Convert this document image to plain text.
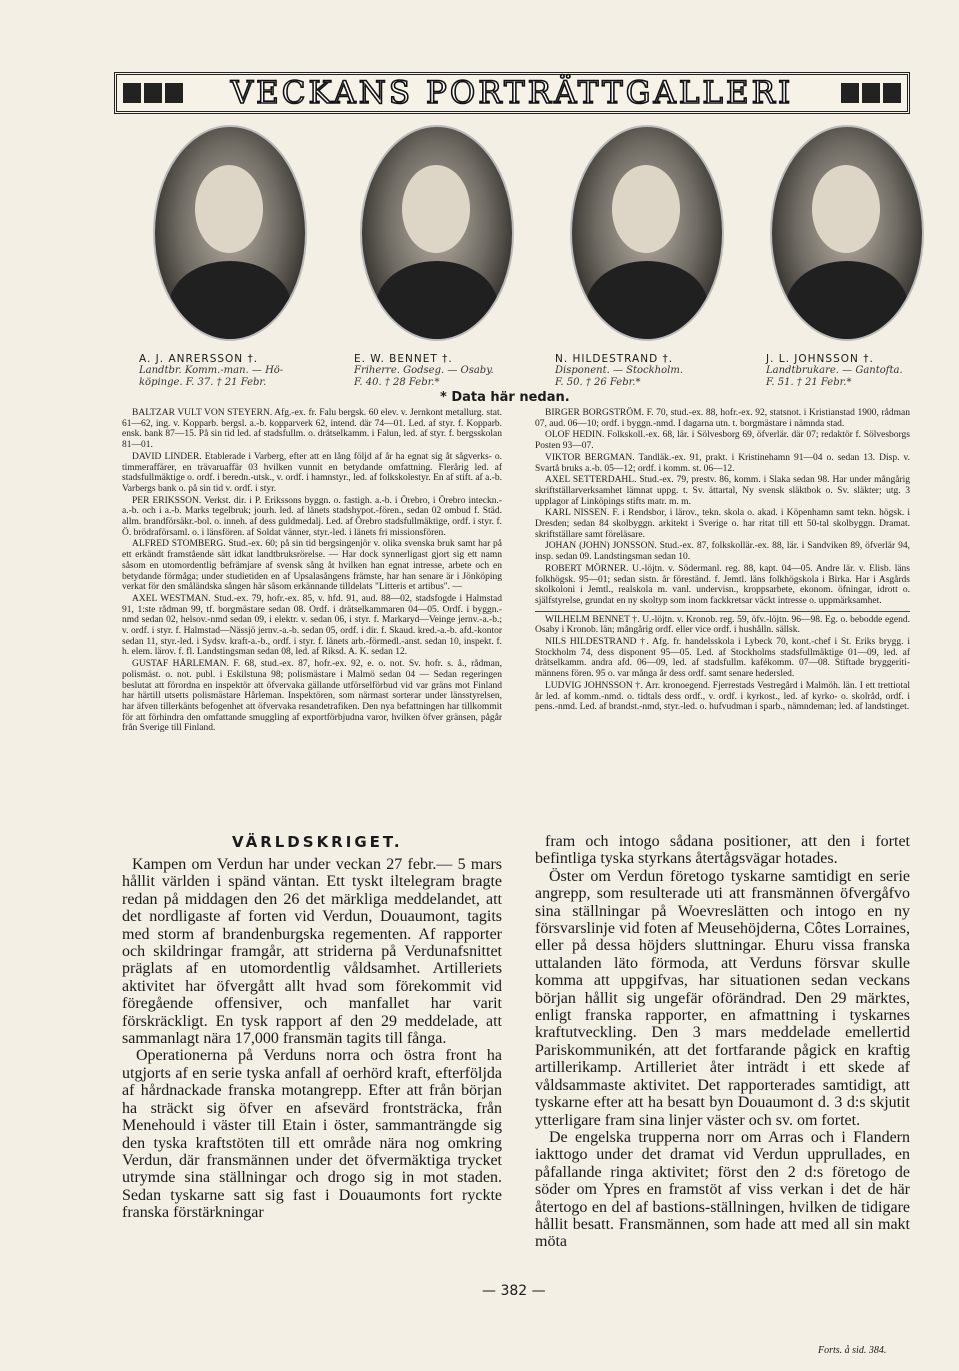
VECKANS PORTRÄTTGALLERI
A. J. ANRERSSON †.
Landtbr. Komm.-man. — Hö-
köpinge. F. 37. † 21 Febr.
E. W. BENNET †.
Friherre. Godseg. — Osaby.
F. 40. † 28 Febr.*
N. HILDESTRAND †.
Disponent. — Stockholm.
F. 50. † 26 Febr.*
J. L. JOHNSSON †.
Landtbrukare. — Gantofta.
F. 51. † 21 Febr.*
* Data här nedan.

BALTZAR VULT VON STEYERN. Afg.-ex. fr. Falu bergsk. 60 elev. v. Jernkont metallurg. stat. 61—62, ing. v. Kopparb. bergsl. a.-b. kopparverk 62, intend. där 74—01. Led. af styr. f. Kopparb. ensk. bank 87—15. På sin tid led. af stadsfullm. o. drätselkamm. i Falun, led. af styr. f. bergsskolan 81—01.

DAVID LINDER. Etablerade i Varberg, efter att en lång följd af år ha egnat sig åt sågverks- o. timmeraffärer, en trävaruaffär 03 hvilken vunnit en betydande omfattning. Flerårig led. af stadsfullmäktige o. ordf. i beredn.-utsk., v. ordf. i hamnstyr., led. af folkskolestyr. En af stift. af a.-b. Varbergs bank o. på sin tid v. ordf. i styr.

PER ERIKSSON. Verkst. dir. i P. Erikssons byggn. o. fastigh. a.-b. i Örebro, i Örebro inteckn.-a.-b. och i a.-b. Marks tegelbruk; jourh. led. af länets stadshypot.-fören., sedan 02 ombud f. Städ. allm. brandförsäkr.-bol. o. inneh. af dess guldmedalj. Led. af Örebro stadsfullmäktige, ordf. i styr. f. Ö. brödraförsaml. o. i länsfören. af Soldat vänner, styr.-led. i länets fri missionsfören.

ALFRED STOMBERG. Stud.-ex. 60; på sin tid bergsingenjör v. olika svenska bruk samt har på ett erkändt framstående sätt idkat landtbruksrörelse. — Har dock synnerligast gjort sig ett namn såsom en utomordentlig befrämjare af svensk sång åt hvilken han egnat intresse, arbete och en betydande förmåga; under studietiden en af Upsalasångens främste, har han senare är i Jönköping verkat för den småländska sången här såsom erkännande tilldelats "Litteris et artibus". —

AXEL WESTMAN. Stud.-ex. 79, hofr.-ex. 85, v. hfd. 91, aud. 88—02, stadsfogde i Halmstad 91, 1:ste rådman 99, tf. borgmästare sedan 08. Ordf. i drätselkammaren 04—05. Ordf. i byggn.-nmd sedan 02, helsov.-nmd sedan 09, i elektr. v. sedan 06, i styr. f. Markaryd—Veinge jernv.-a.-b.; v. ordf. i styr. f. Halmstad—Nässjö jernv.-a.-b. sedan 05, ordf. i dir. f. Skaud. kred.-a.-b. afd.-kontor sedan 11, styr.-led. i Sydsv. kraft-a.-b., ordf. i styr. f. länets arb.-förmedl.-anst. sedan 10, inspekt. f. h. elem. lärov. f. fl. Landstingsman sedan 08, led. af Riksd. A. K. sedan 12.

GUSTAF HÅRLEMAN. F. 68, stud.-ex. 87, hofr.-ex. 92, e. o. not. Sv. hofr. s. å., rådman, polismäst. o. not. publ. i Eskilstuna 98; polismästare i Malmö sedan 04 — Sedan regeringen beslutat att förordna en inspektör att öfvervaka gällande utförselförbud vid var gräns mot Finland har härtill utsetts polismästare Hårleman. Inspektören, som närmast sorterar under länsstyrelsen, har äfven tillerkänts befogenhet att öfvervaka resandetrafiken. Den nya befattningen har tillkommit för att förhindra den omfattande smuggling af exportförbjudna varor, hvilken öfver gränsen, pågår från Sverige till Finland.

BIRGER BORGSTRÖM. F. 70, stud.-ex. 88, hofr.-ex. 92, statsnot. i Kristianstad 1900, rådman 07, aud. 06—10; ordf. i byggn.-nmd. I dagarna utn. t. borgmästare i nämnda stad.

OLOF HEDIN. Folkskoll.-ex. 68, lär. i Sölvesborg 69, öfverlär. där 07; redaktör f. Sölvesborgs Posten 93—07.

VIKTOR BERGMAN. Tandläk.-ex. 91, prakt. i Kristinehamn 91—04 o. sedan 13. Disp. v. Svartå bruks a.-b. 05—12; ordf. i komm. st. 06—12.

AXEL SETTERDAHL. Stud.-ex. 79, prestv. 86, komm. i Slaka sedan 98. Har under mångårig skriftställarverksamhet lämnat uppg. t. Sv. ättartal, Ny svensk släktbok o. Sv. släkter; utg. 3 upplagor af Linköpings stifts matr. m. m.

KARL NISSEN. F. i Rendsbor, i lärov., tekn. skola o. akad. i Köpenhamn samt tekn. högsk. i Dresden; sedan 84 skolbyggn. arkitekt i Sverige o. har ritat till ett 50-tal skolbyggn. Dramat. skriftställare samt föreläsare.

JOHAN (JOHN) JONSSON. Stud.-ex. 87, folkskollär.-ex. 88, lär. i Sandviken 89, öfverlär 94, insp. sedan 09. Landstingsman sedan 10.

ROBERT MÖRNER. U.-löjtn. v. Södermanl. reg. 88, kapt. 04—05. Andre lär. v. Elisb. läns folkhögsk. 95—01; sedan sistn. år föreständ. f. Jemtl. läns folkhögskola i Birka. Har i Asgårds skolkoloni i Jemtl., realskola m. vanl. undervisn., kroppsarbete, ekonom. öfningar, idrott o. själfstyrelse, grundat en ny skoltyp som inom fackkretsar väckt intresse o. uppmärksamhet.

WILHELM BENNET †. U.-löjtn. v. Kronob. reg. 59, öfv.-löjtn. 96—98. Eg. o. bebodde egend. Osaby i Kronob. län; mångårig ordf. eller vice ordf. i hushålln. sällsk.

NILS HILDESTRAND †. Afg. fr. handelsskola i Lybeck 70, kont.-chef i St. Eriks brygg. i Stockholm 74, dess disponent 95—05. Led. af Stockholms stadsfullmäktige 01—09, led. af drätselkamm. andra afd. 06—09, led. af stadsfullm. kafékomm. 07—08. Stiftade bryggeriti-männens fören. 95 o. var många år dess ordf. samt senare hedersled.

LUDVIG JOHNSSON †. Arr. kronoegend. Fjerrestads Vestregård i Malmöh. län. I ett trettiotal år led. af komm.-nmd. o. tidtals dess ordf., v. ordf. i kyrkost., led. af kyrko- o. skolråd, ordf. i pens.-nmd. Led. af brandst.-nmd, styr.-led. o. hufvudman i sparb., nämndeman; led. af landstinget.

VÄRLDSKRIGET.

Kampen om Verdun har under veckan 27 febr.— 5 mars hållit världen i spänd väntan. Ett tyskt iltelegram bragte redan på middagen den 26 det märkliga meddelandet, att det nordligaste af forten vid Verdun, Douaumont, tagits med storm af brandenburgska regementen. Af rapporter och skildringar framgår, att striderna på Verdunafsnittet präglats af en utomordentlig våldsamhet. Artilleriets aktivitet har öfvergått allt hvad som förekommit vid föregående offensiver, och manfallet har varit förskräckligt. En tysk rapport af den 29 meddelade, att sammanlagt nära 17,000 fransmän tagits till fånga.

Operationerna på Verduns norra och östra front ha utgjorts af en serie tyska anfall af oerhörd kraft, efterföljda af hårdnackade franska motangrepp. Efter att från början ha sträckt sig öfver en afsevärd frontsträcka, från Menehould i väster till Etain i öster, sammanträngde sig den tyska kraftstöten till ett område nära nog omkring Verdun, där fransmännen under det öfvermäktiga trycket utrymde sina ställningar och drogo sig in mot staden. Sedan tyskarne satt sig fast i Douaumonts fort ryckte franska förstärkningar

fram och intogo sådana positioner, att den i fortet befintliga tyska styrkans återtågsvägar hotades.

Öster om Verdun företogo tyskarne samtidigt en serie angrepp, som resulterade uti att fransmännen öfvergåfvo sina ställningar på Woevreslätten och intogo en ny försvarslinje vid foten af Meusehöjderna, Côtes Lorraines, eller på dessa höjders sluttningar. Ehuru vissa franska uttalanden läto förmoda, att Verduns försvar skulle komma att uppgifvas, har situationen sedan veckans början hållit sig ungefär oförändrad. Den 29 märktes, enligt franska rapporter, en afmattning i tyskarnes kraftutveckling. Den 3 mars meddelade emellertid Pariskommunikén, att det fortfarande pågick en kraftig artillerikamp. Artilleriet åter inträdt i ett skede af våldsammaste aktivitet. Det rapporterades samtidigt, att tyskarne efter att ha besatt byn Douaumont d. 3 d:s skjutit ytterligare fram sina linjer väster och sv. om fortet.

De engelska trupperna norr om Arras och i Flandern iakttogo under det dramat vid Verdun upprullades, en påfallande ringa aktivitet; först den 2 d:s företogo de söder om Ypres en framstöt af viss verkan i det de här återtogo en del af bastions-ställningen, hvilken de tidigare hållit besatt. Fransmännen, som hade att med all sin makt möta

Forts. å sid. 384.
— 382 —
